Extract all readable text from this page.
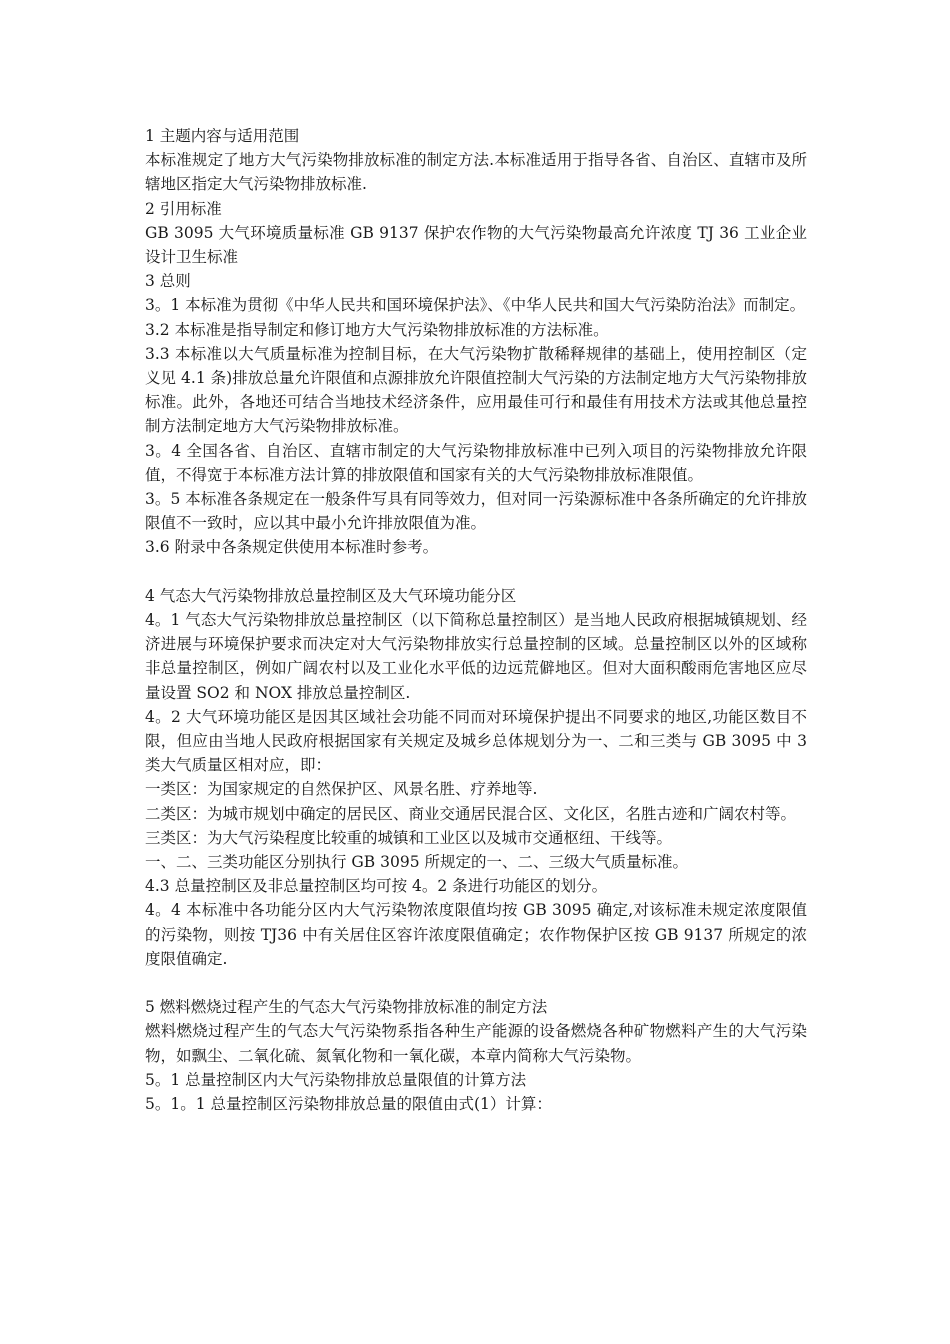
1 主题内容与适用范围

本标准规定了地方大气污染物排放标准的制定方法.本标准适用于指导各省、自治区、直辖市及所辖地区指定大气污染物排放标准.

2 引用标准

GB 3095 大气环境质量标准 GB 9137 保护农作物的大气污染物最高允许浓度 TJ 36 工业企业设计卫生标准

3 总则

3。1 本标准为贯彻《中华人民共和国环境保护法》、《中华人民共和国大气污染防治法》而制定。

3.2 本标准是指导制定和修订地方大气污染物排放标准的方法标准。

3.3 本标准以大气质量标准为控制目标，在大气污染物扩散稀释规律的基础上，使用控制区（定义见 4.1 条)排放总量允许限值和点源排放允许限值控制大气污染的方法制定地方大气污染物排放标准。此外，各地还可结合当地技术经济条件，应用最佳可行和最佳有用技术方法或其他总量控制方法制定地方大气污染物排放标准。

3。4 全国各省、自治区、直辖市制定的大气污染物排放标准中已列入项目的污染物排放允许限值，不得宽于本标准方法计算的排放限值和国家有关的大气污染物排放标准限值。

3。5 本标准各条规定在一般条件写具有同等效力，但对同一污染源标准中各条所确定的允许排放限值不一致时，应以其中最小允许排放限值为准。

3.6 附录中各条规定供使用本标准时参考。

4 气态大气污染物排放总量控制区及大气环境功能分区

4。1 气态大气污染物排放总量控制区（以下简称总量控制区）是当地人民政府根据城镇规划、经济进展与环境保护要求而决定对大气污染物排放实行总量控制的区域。总量控制区以外的区域称非总量控制区，例如广阔农村以及工业化水平低的边远荒僻地区。但对大面积酸雨危害地区应尽量设置 SO2 和 NOX 排放总量控制区.

4。2 大气环境功能区是因其区域社会功能不同而对环境保护提出不同要求的地区,功能区数目不限，但应由当地人民政府根据国家有关规定及城乡总体规划分为一、二和三类与 GB 3095 中 3 类大气质量区相对应，即：

一类区：为国家规定的自然保护区、风景名胜、疗养地等.

二类区：为城市规划中确定的居民区、商业交通居民混合区、文化区，名胜古迹和广阔农村等。

三类区：为大气污染程度比较重的城镇和工业区以及城市交通枢纽、干线等。

一、二、三类功能区分别执行 GB 3095 所规定的一、二、三级大气质量标准。

4.3 总量控制区及非总量控制区均可按 4。2 条进行功能区的划分。

4。4 本标准中各功能分区内大气污染物浓度限值均按 GB 3095 确定,对该标准未规定浓度限值的污染物，则按 TJ36 中有关居住区容许浓度限值确定；农作物保护区按 GB 9137 所规定的浓度限值确定.

5 燃料燃烧过程产生的气态大气污染物排放标准的制定方法

燃料燃烧过程产生的气态大气污染物系指各种生产能源的设备燃烧各种矿物燃料产生的大气污染物，如飘尘、二氧化硫、氮氧化物和一氧化碳，本章内简称大气污染物。

5。1 总量控制区内大气污染物排放总量限值的计算方法

5。1。1 总量控制区污染物排放总量的限值由式(1）计算：
